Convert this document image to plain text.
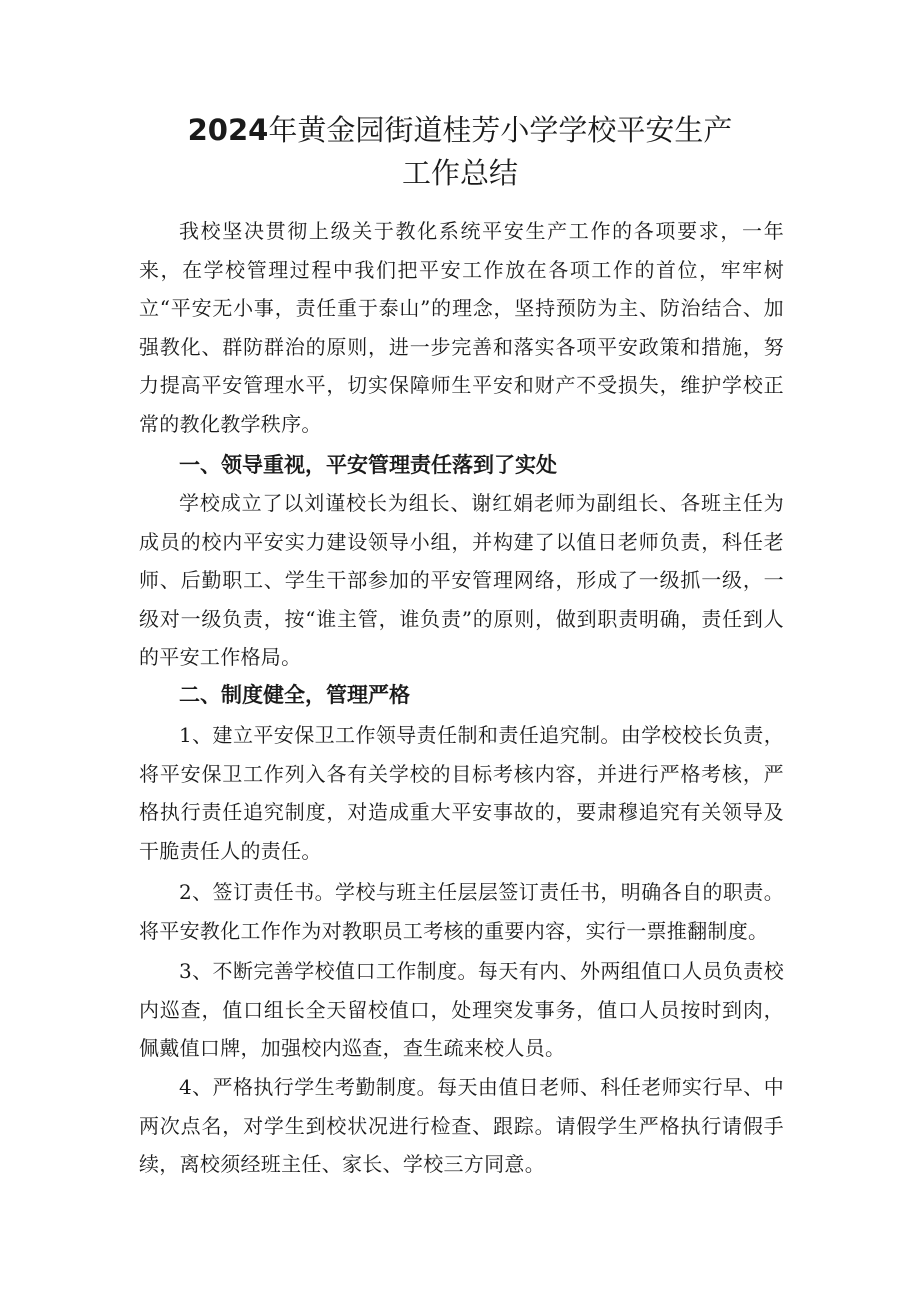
2024年黄金园街道桂芳小学学校平安生产
工作总结

我校坚决贯彻上级关于教化系统平安生产工作的各项要求，一年来，在学校管理过程中我们把平安工作放在各项工作的首位，牢牢树立“平安无小事，责任重于泰山”的理念，坚持预防为主、防治结合、加强教化、群防群治的原则，进一步完善和落实各项平安政策和措施，努力提高平安管理水平，切实保障师生平安和财产不受损失，维护学校正常的教化教学秩序。

一、领导重视，平安管理责任落到了实处

学校成立了以刘谨校长为组长、谢红娟老师为副组长、各班主任为成员的校内平安实力建设领导小组，并构建了以值日老师负责，科任老师、后勤职工、学生干部参加的平安管理网络，形成了一级抓一级，一级对一级负责，按“谁主管，谁负责”的原则，做到职责明确，责任到人的平安工作格局。

二、制度健全，管理严格

1、建立平安保卫工作领导责任制和责任追究制。由学校校长负责，将平安保卫工作列入各有关学校的目标考核内容，并进行严格考核，严格执行责任追究制度，对造成重大平安事故的，要肃穆追究有关领导及干脆责任人的责任。

2、签订责任书。学校与班主任层层签订责任书，明确各自的职责。将平安教化工作作为对教职员工考核的重要内容，实行一票推翻制度。

3、不断完善学校值口工作制度。每天有内、外两组值口人员负责校内巡查，值口组长全天留校值口，处理突发事务，值口人员按时到肉，佩戴值口牌，加强校内巡查，查生疏来校人员。

4、严格执行学生考勤制度。每天由值日老师、科任老师实行早、中两次点名，对学生到校状况进行检查、跟踪。请假学生严格执行请假手续，离校须经班主任、家长、学校三方同意。
